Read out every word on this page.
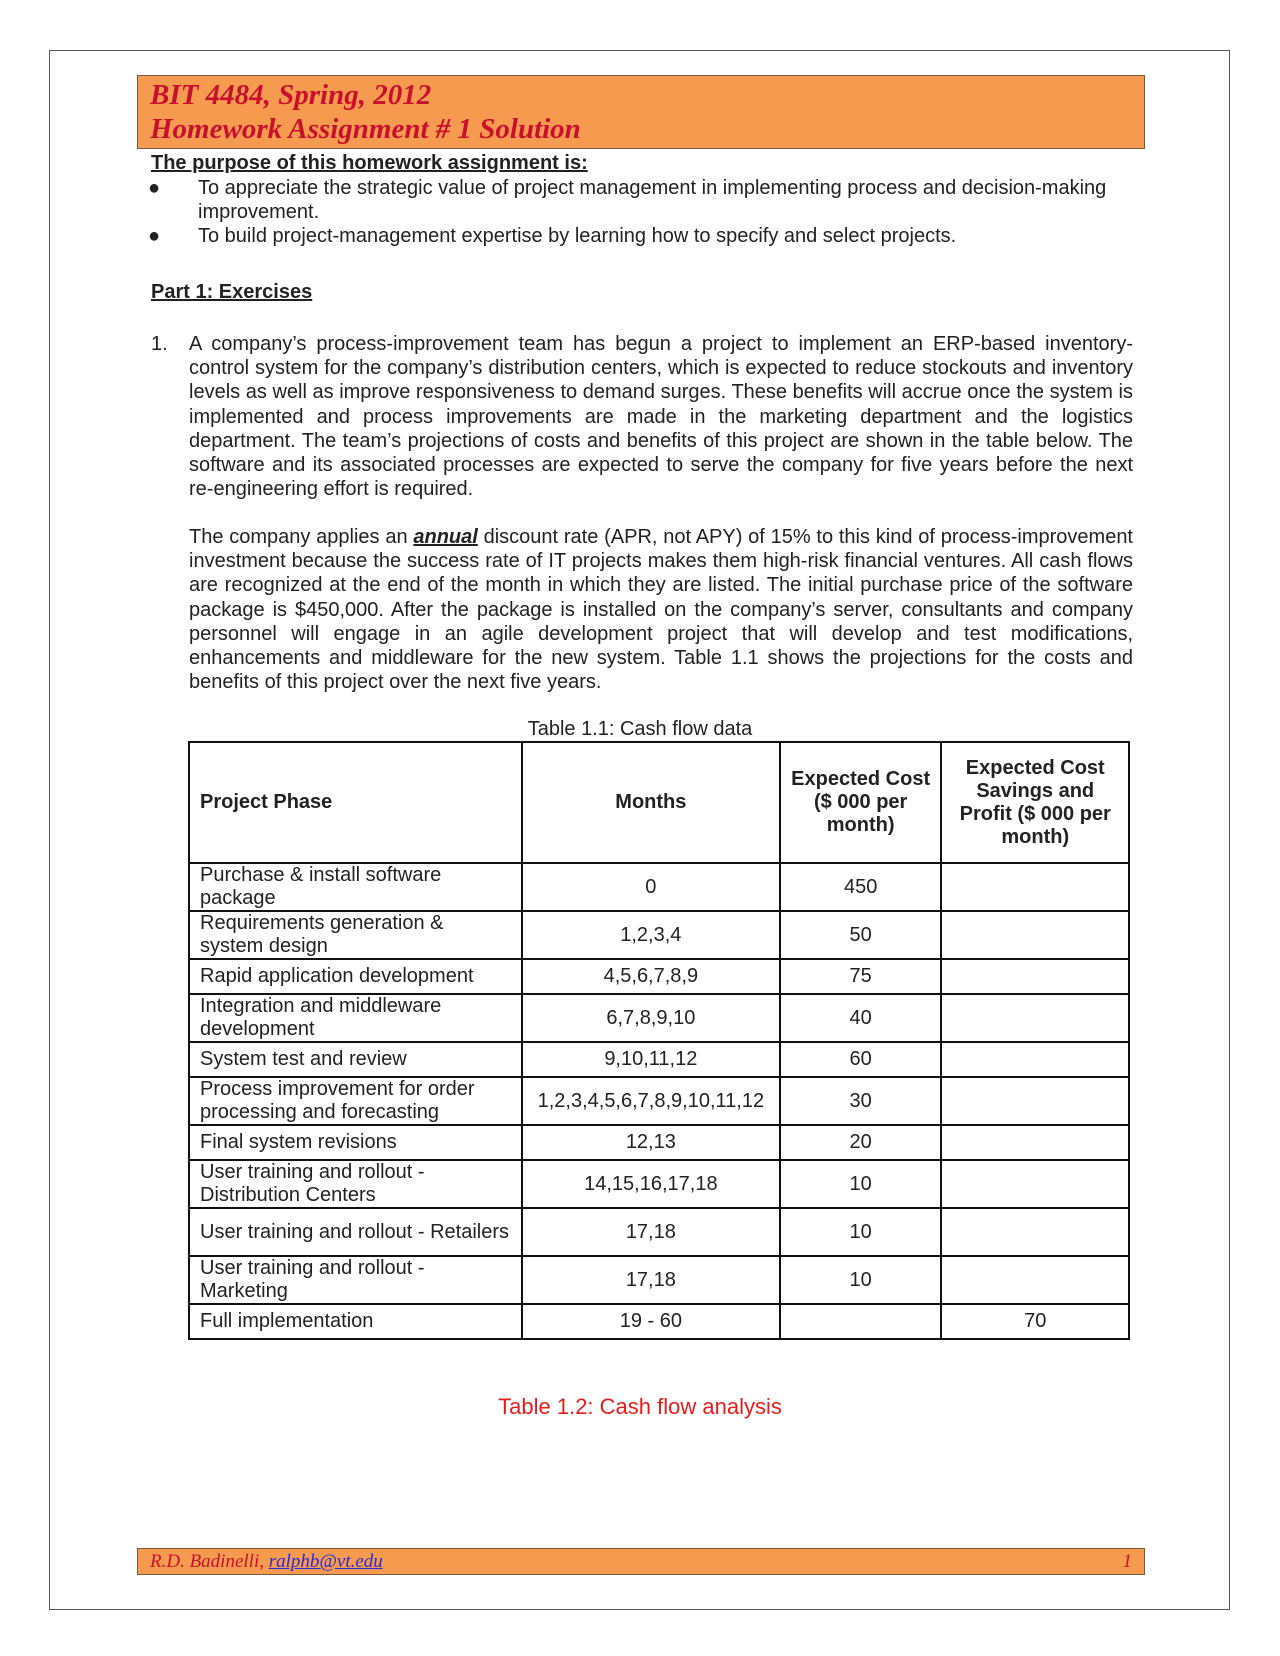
BIT 4484, Spring, 2012
Homework Assignment # 1 Solution
The purpose of this homework assignment is:
●	To appreciate the strategic value of project management in implementing process and decision-making improvement.
●	To build project-management expertise by learning how to specify and select projects.
Part 1: Exercises
1. A company’s process-improvement team has begun a project to implement an ERP-based inventory-control system for the company’s distribution centers, which is expected to reduce stockouts and inventory levels as well as improve responsiveness to demand surges. These benefits will accrue once the system is implemented and process improvements are made in the marketing department and the logistics department. The team’s projections of costs and benefits of this project are shown in the table below. The software and its associated processes are expected to serve the company for five years before the next re-engineering effort is required.

The company applies an annual discount rate (APR, not APY) of 15% to this kind of process-improvement investment because the success rate of IT projects makes them high-risk financial ventures. All cash flows are recognized at the end of the month in which they are listed. The initial purchase price of the software package is $450,000. After the package is installed on the company’s server, consultants and company personnel will engage in an agile development project that will develop and test modifications, enhancements and middleware for the new system. Table 1.1 shows the projections for the costs and benefits of this project over the next five years.

Table 1.1: Cash flow data
Project Phase	Months	Expected Cost ($ 000 per month)	Expected Cost Savings and Profit ($ 000 per month)
Purchase & install software package	0	450	
Requirements generation & system design	1,2,3,4	50	
Rapid application development	4,5,6,7,8,9	75	
Integration and middleware development	6,7,8,9,10	40	
System test and review	9,10,11,12	60	
Process improvement for order processing and forecasting	1,2,3,4,5,6,7,8,9,10,11,12	30	
Final system revisions	12,13	20	
User training and rollout - Distribution Centers	14,15,16,17,18	10	
User training and rollout - Retailers	17,18	10	
User training and rollout - Marketing	17,18	10	
Full implementation	19 - 60		70
Table 1.2: Cash flow analysis
R.D. Badinelli, ralphb@vt.edu	1
